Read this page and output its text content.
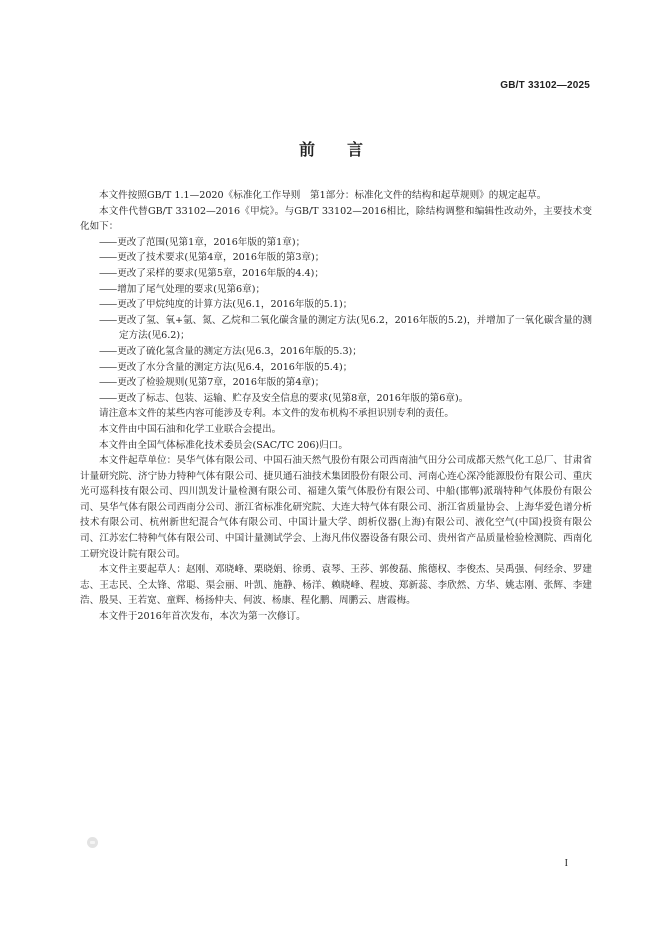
GB/T 33102—2025
前 言

本文件按照GB/T 1.1—2020《标准化工作导则　第1部分：标准化文件的结构和起草规则》的规定起草。

本文件代替GB/T 33102—2016《甲烷》。与GB/T 33102—2016相比，除结构调整和编辑性改动外，主要技术变化如下：

—— 更改了范围(见第1章，2016年版的第1章)；

—— 更改了技术要求(见第4章，2016年版的第3章)；

—— 更改了采样的要求(见第5章，2016年版的4.4)；

—— 增加了尾气处理的要求(见第6章)；

—— 更改了甲烷纯度的计算方法(见6.1，2016年版的5.1)；

—— 更改了氢、氧+氩、氮、乙烷和二氧化碳含量的测定方法(见6.2，2016年版的5.2)，并增加了一氧化碳含量的测定方法(见6.2)；

—— 更改了硫化氢含量的测定方法(见6.3，2016年版的5.3)；

—— 更改了水分含量的测定方法(见6.4，2016年版的5.4)；

—— 更改了检验规则(见第7章，2016年版的第4章)；

—— 更改了标志、包装、运输、贮存及安全信息的要求(见第8章，2016年版的第6章)。

请注意本文件的某些内容可能涉及专利。本文件的发布机构不承担识别专利的责任。

本文件由中国石油和化学工业联合会提出。

本文件由全国气体标准化技术委员会(SAC/TC 206)归口。

本文件起草单位：昊华气体有限公司、中国石油天然气股份有限公司西南油气田分公司成都天然气化工总厂、甘肃省计量研究院、济宁协力特种气体有限公司、捷贝通石油技术集团股份有限公司、河南心连心深冷能源股份有限公司、重庆光可巡科技有限公司、四川凯发计量检测有限公司、福建久策气体股份有限公司、中船(邯郸)派瑞特种气体股份有限公司、昊华气体有限公司西南分公司、浙江省标准化研究院、大连大特气体有限公司、浙江省质量协会、上海华爱色谱分析技术有限公司、杭州新世纪混合气体有限公司、中国计量大学、朗析仪器(上海)有限公司、液化空气(中国)投资有限公司、江苏宏仁特种气体有限公司、中国计量测试学会、上海凡伟仪器设备有限公司、贵州省产品质量检验检测院、西南化工研究设计院有限公司。

本文件主要起草人：赵刚、邓晓峰、栗晓娟、徐勇、袁琴、王莎、郭俊磊、熊德权、李俊杰、吴禹强、何经余、罗建志、王志民、仝太锋、常聪、渠会丽、叶凯、施静、杨洋、赖晓峰、程坡、郑新蕊、李欣然、方华、姚志刚、张辉、李建浩、殷昊、王若宽、童辉、杨扬仲夫、何波、杨康、程化鹏、周鹏云、唐霞梅。

本文件于2016年首次发布，本次为第一次修订。

I
